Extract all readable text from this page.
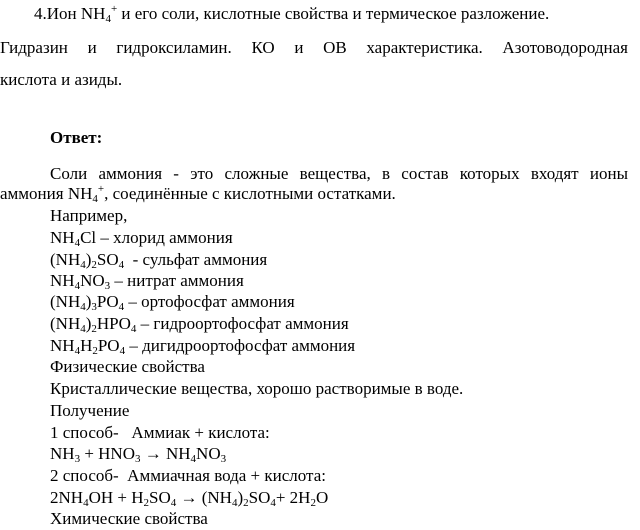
4.Ион $NH_4^+$ и его соли, кислотные свойства и термическое разложение.
Гидразин и гидроксиламин. КО и ОВ характеристика. Азотоводородная
кислота и азиды.
Ответ:
Соли аммония - это сложные вещества, в состав которых входят ионы
аммония $NH_4^+$, соединённые с кислотными остатками.
Например,
$NH_4Cl$ – хлорид аммония
$(NH_4)_2SO_4$  - сульфат аммония
$NH_4NO_3$ – нитрат аммония
$(NH_4)_3PO_4$ – ортофосфат аммония
$(NH_4)_2HPO_4$ – гидроортофосфат аммония
$NH_4H_2PO_4$ – дигидроортофосфат аммония
Физические свойства
Кристаллические вещества, хорошо растворимые в воде.
Получение
1 способ-   Аммиак + кислота:
$NH_3 + HNO_3 \to NH_4NO_3$
2 способ-  Аммиачная вода + кислота:
$2NH_4OH + H_2SO_4 \to (NH_4)_2SO_4+ 2H_2O$
Химические свойства
